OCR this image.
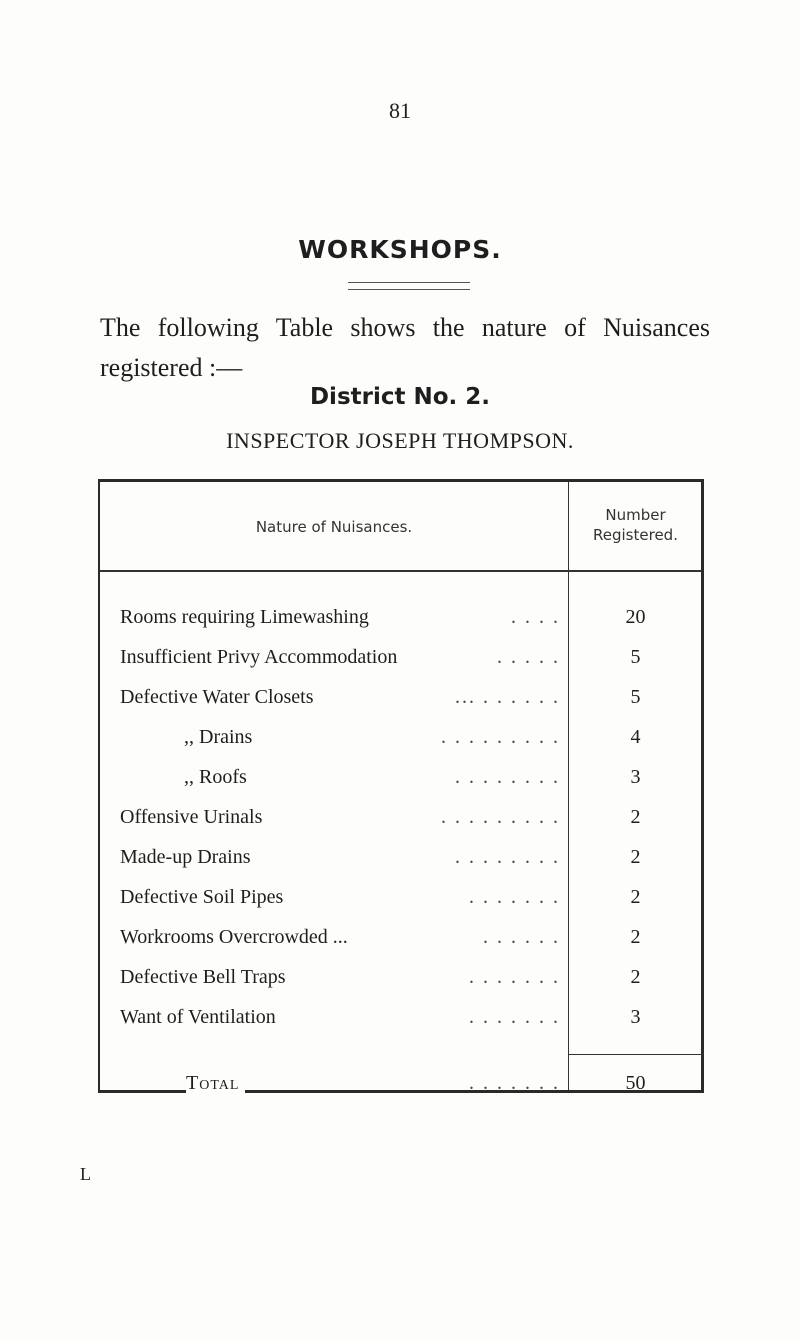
81
WORKSHOPS.
The following Table shows the nature of Nuisances registered :—
District No. 2.
INSPECTOR JOSEPH THOMPSON.
Nature of Nuisances.
Number Registered.
. . . .
Rooms requiring Limewashing	20
. . . . .
Insufficient Privy Accommodation	5
... . . . . . .
Defective Water Closets	5
. . . . . . . . .
,, Drains	4
. . . . . . . .
,, Roofs	3
. . . . . . . . .
Offensive Urinals	2
. . . . . . . .
Made-up Drains	2
. . . . . . .
Defective Soil Pipes	2
. . . . . .
Workrooms Overcrowded ...	2
. . . . . . .
Defective Bell Traps	2
. . . . . . .
Want of Ventilation	3
. . . . . . .
Total	50
L
